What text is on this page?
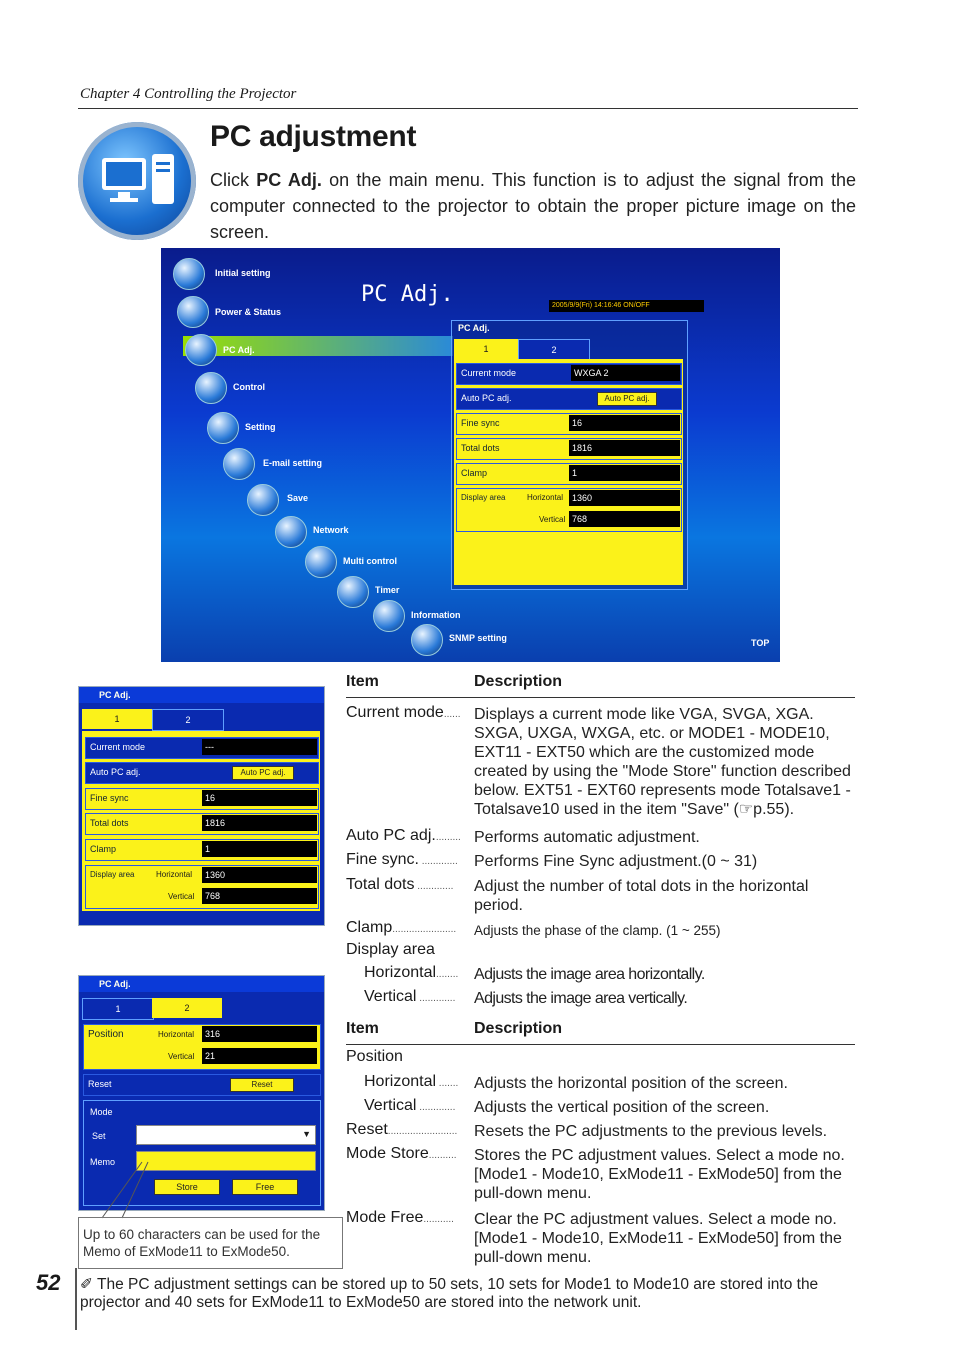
Chapter 4 Controlling the Projector
PC adjustment
Click PC Adj. on the main menu. This function is to adjust the signal from the computer connected to the projector to obtain the proper picture image on the screen.
PC Adj.	2005/9/9(Fri) 14:16:46 ON/OFF
Initial setting
Power & Status
PC Adj.
Control
Setting
E-mail setting
Save
Network
Multi control
Timer
Information
SNMP setting	TOP
PC Adj.
1	2
Current mode	WXGA 2
Auto PC adj.	Auto PC adj.
Fine sync	16
Total dots	1816
Clamp	1
Display area	Horizontal 1360
Vertical 768
PC Adj.
1	2
Current mode	---
Auto PC adj.	Auto PC adj.
Fine sync	16
Total dots	1816
Clamp	1
Display area	Horizontal	1360
Vertical	768
PC Adj.
1	2
Position	Horizontal	316
Vertical	21
Reset	Reset
Mode
Set	▼
Memo
Store	Free
Up to 60 characters can be used for the Memo of ExMode11 to ExMode50.
Item	Description
Current mode...... Displays a current mode like VGA, SVGA, XGA. SXGA, UXGA, WXGA, etc. or MODE1 - MODE10, EXT11 - EXT50 which are the customized mode created by using the "Mode Store" function described below. EXT51 - EXT60 represents mode Totalsave1 - Totalsave10 used in the item "Save" (☞p.55).
Auto PC adj.......... Performs automatic adjustment.
Fine sync. ............. Performs Fine Sync adjustment.(0 ~ 31)
Total dots ............. Adjust the number of total dots in the horizontal period.
Clamp....................... Adjusts the phase of the clamp. (1 ~ 255)
Display area
Horizontal........ Adjusts the image area horizontally.
Vertical ............. Adjusts the image area vertically.
Item	Description
Position
Horizontal ....... Adjusts the horizontal position of the screen.
Vertical ............. Adjusts the vertical position of the screen.
Reset......................... Resets the PC adjustments to the previous levels.
Mode Store.......... Stores the PC adjustment values. Select a mode no. [Mode1 - Mode10, ExMode11 - ExMode50] from the pull-down menu.
Mode Free........... Clear the PC adjustment values. Select a mode no. [Mode1 - Mode10, ExMode11 - ExMode50] from the pull-down menu.
52 ✐ The PC adjustment settings can be stored up to 50 sets, 10 sets for Mode1 to Mode10 are stored into the projector and 40 sets for ExMode11 to ExMode50 are stored into the network unit.
